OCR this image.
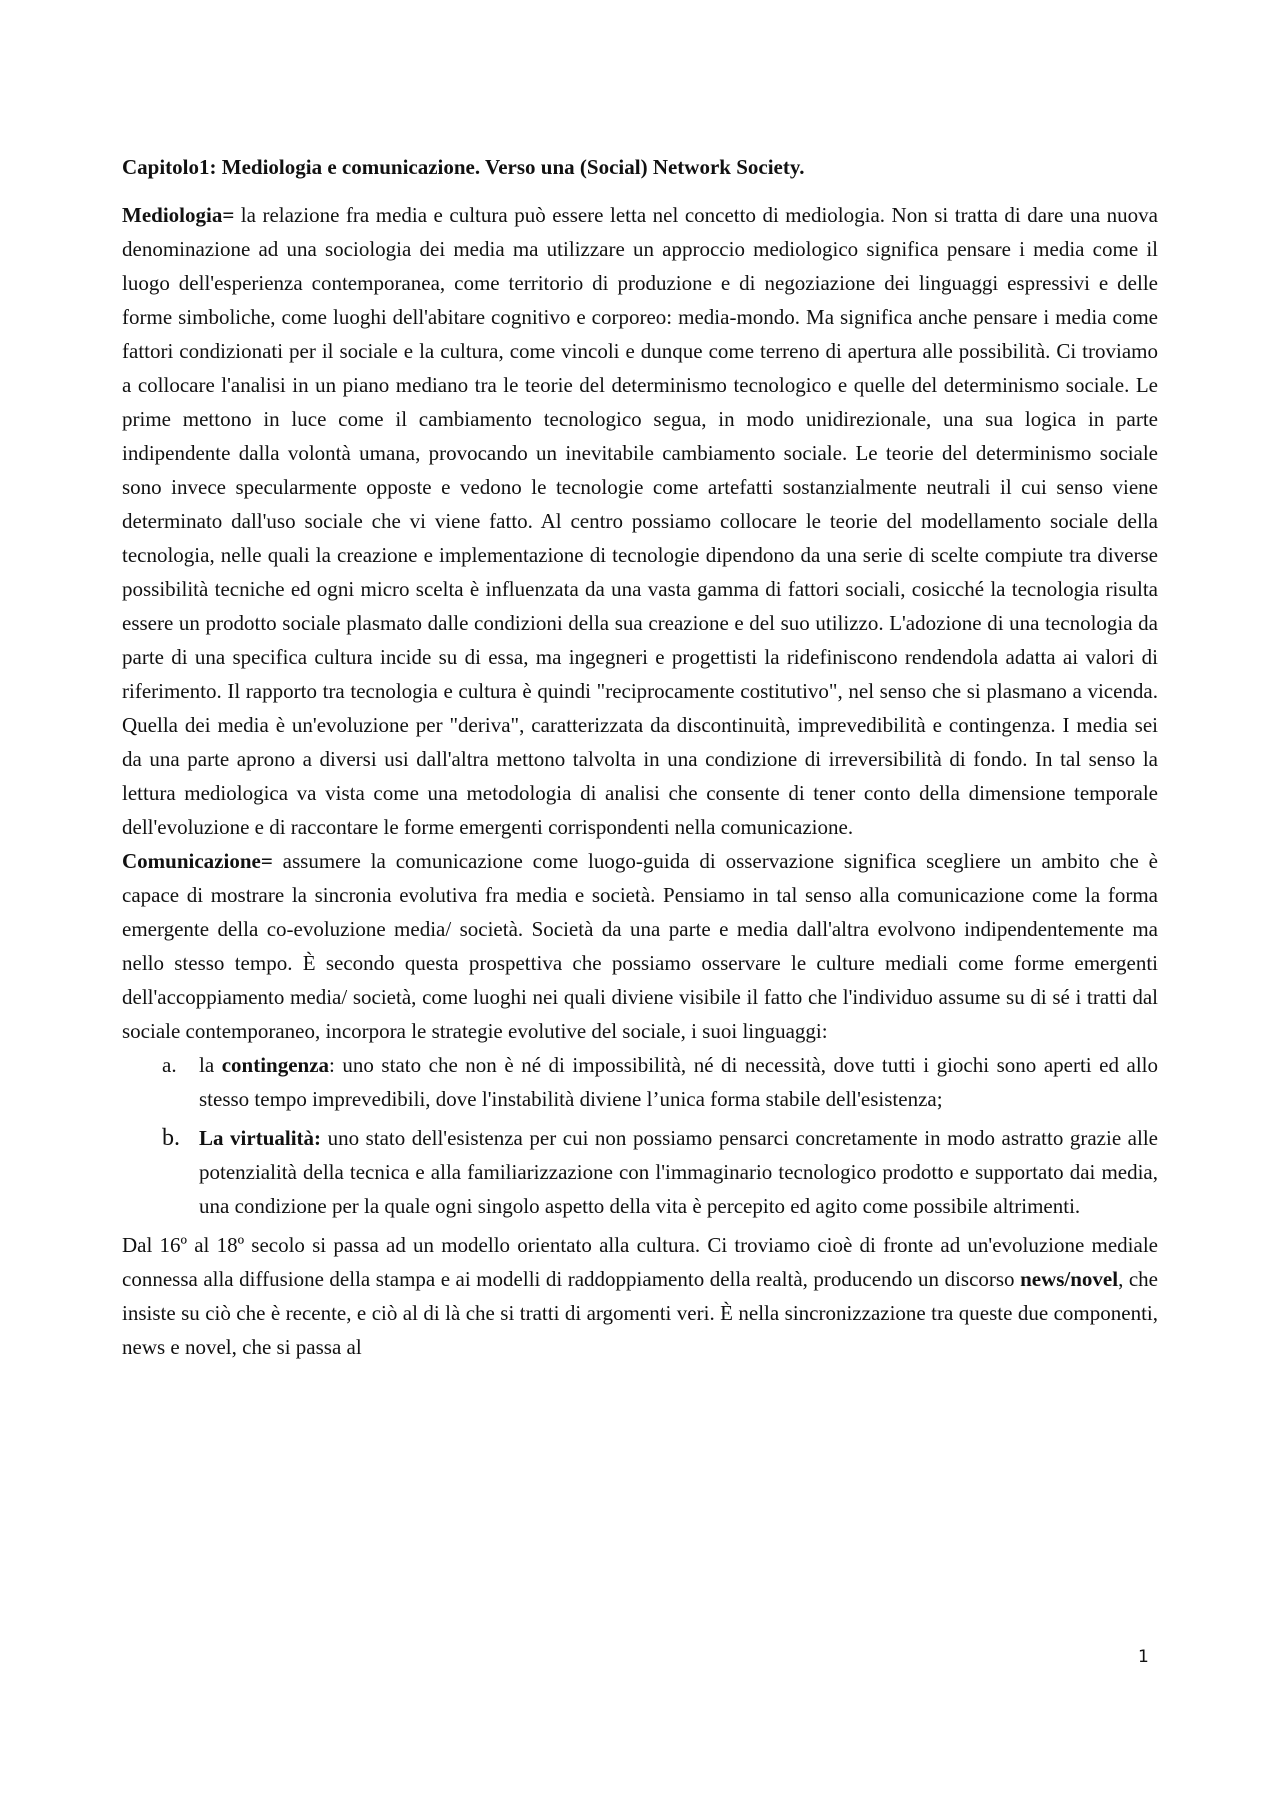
Capitolo1: Mediologia e comunicazione. Verso una (Social) Network Society.

Mediologia= la relazione fra media e cultura può essere letta nel concetto di mediologia. Non si tratta di dare una nuova denominazione ad una sociologia dei media ma utilizzare un approccio mediologico significa pensare i media come il luogo dell'esperienza contemporanea, come territorio di produzione e di negoziazione dei linguaggi espressivi e delle forme simboliche, come luoghi dell'abitare cognitivo e corporeo: media-mondo. Ma significa anche pensare i media come fattori condizionati per il sociale e la cultura, come vincoli e dunque come terreno di apertura alle possibilità. Ci troviamo a collocare l'analisi in un piano mediano tra le teorie del determinismo tecnologico e quelle del determinismo sociale. Le prime mettono in luce come il cambiamento tecnologico segua, in modo unidirezionale, una sua logica in parte indipendente dalla volontà umana, provocando un inevitabile cambiamento sociale. Le teorie del determinismo sociale sono invece specularmente opposte e vedono le tecnologie come artefatti sostanzialmente neutrali il cui senso viene determinato dall'uso sociale che vi viene fatto. Al centro possiamo collocare le teorie del modellamento sociale della tecnologia, nelle quali la creazione e implementazione di tecnologie dipendono da una serie di scelte compiute tra diverse possibilità tecniche ed ogni micro scelta è influenzata da una vasta gamma di fattori sociali, cosicché la tecnologia risulta essere un prodotto sociale plasmato dalle condizioni della sua creazione e del suo utilizzo. L'adozione di una tecnologia da parte di una specifica cultura incide su di essa, ma ingegneri e progettisti la ridefiniscono rendendola adatta ai valori di riferimento. Il rapporto tra tecnologia e cultura è quindi "reciprocamente costitutivo", nel senso che si plasmano a vicenda. Quella dei media è un'evoluzione per "deriva", caratterizzata da discontinuità, imprevedibilità e contingenza. I media sei da una parte aprono a diversi usi dall'altra mettono talvolta in una condizione di irreversibilità di fondo. In tal senso la lettura mediologica va vista come una metodologia di analisi che consente di tener conto della dimensione temporale dell'evoluzione e di raccontare le forme emergenti corrispondenti nella comunicazione.

Comunicazione= assumere la comunicazione come luogo-guida di osservazione significa scegliere un ambito che è capace di mostrare la sincronia evolutiva fra media e società. Pensiamo in tal senso alla comunicazione come la forma emergente della co-evoluzione media/ società. Società da una parte e media dall'altra evolvono indipendentemente ma nello stesso tempo. È secondo questa prospettiva che possiamo osservare le culture mediali come forme emergenti dell'accoppiamento media/ società, come luoghi nei quali diviene visibile il fatto che l'individuo assume su di sé i tratti dal sociale contemporaneo, incorpora le strategie evolutive del sociale, i suoi linguaggi:

a. la contingenza: uno stato che non è né di impossibilità, né di necessità, dove tutti i giochi sono aperti ed allo stesso tempo imprevedibili, dove l'instabilità diviene l’unica forma stabile dell'esistenza;
b. La virtualità: uno stato dell'esistenza per cui non possiamo pensarci concretamente in modo astratto grazie alle potenzialità della tecnica e alla familiarizzazione con l'immaginario tecnologico prodotto e supportato dai media, una condizione per la quale ogni singolo aspetto della vita è percepito ed agito come possibile altrimenti.

Dal 16º al 18º secolo si passa ad un modello orientato alla cultura. Ci troviamo cioè di fronte ad un'evoluzione mediale connessa alla diffusione della stampa e ai modelli di raddoppiamento della realtà, producendo un discorso news/novel, che insiste su ciò che è recente, e ciò al di là che si tratti di argomenti veri. È nella sincronizzazione tra queste due componenti, news e novel, che si passa al

1
